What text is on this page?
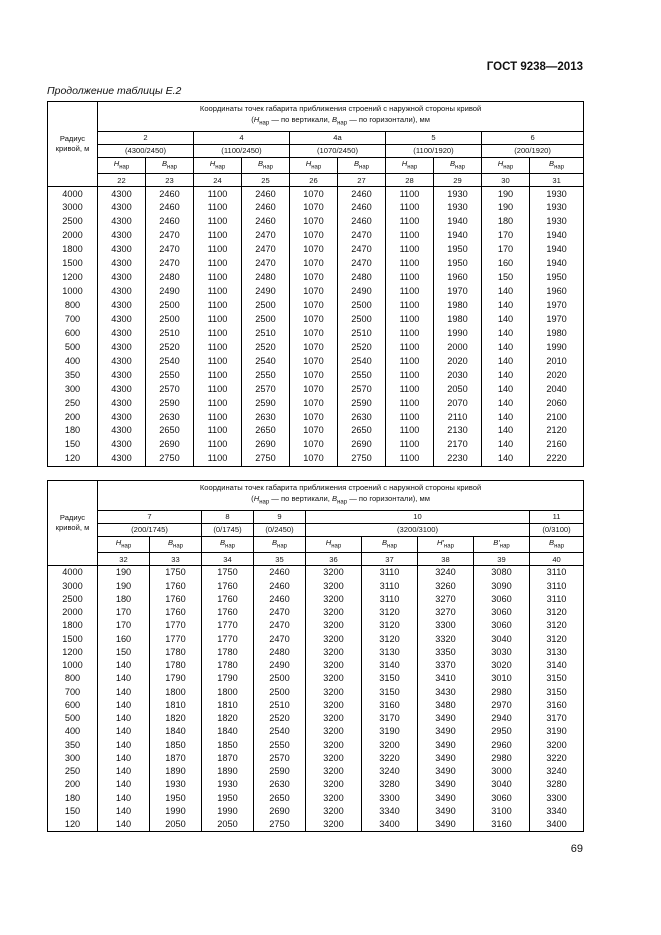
ГОСТ 9238—2013
Продолжение таблицы Е.2
Радиус кривой, м	Координаты точек габарита приближения строений с наружной стороны кривой
($Н_{нар}$ — по вертикали, $В_{нар}$ — по горизонтали), мм									

	2		4		4а		5		6	
	(4300/2450)		(1100/2450)		(1070/2450)		(1100/1920)		(200/1920)	
	$Н_{нар}$	$В_{нар}$	$Н_{нар}$	$В_{нар}$	$Н_{нар}$	$В_{нар}$	$Н_{нар}$	$В_{нар}$	$Н_{нар}$	$В_{нар}$
	22	23	24	25	26	27	28	29	30	31
4000	4300	2460	1100	2460	1070	2460	1100	1930	190	1930
3000	4300	2460	1100	2460	1070	2460	1100	1930	190	1930
2500	4300	2460	1100	2460	1070	2460	1100	1940	180	1930
2000	4300	2470	1100	2470	1070	2470	1100	1940	170	1940
1800	4300	2470	1100	2470	1070	2470	1100	1950	170	1940
1500	4300	2470	1100	2470	1070	2470	1100	1950	160	1940
1200	4300	2480	1100	2480	1070	2480	1100	1960	150	1950
1000	4300	2490	1100	2490	1070	2490	1100	1970	140	1960
800	4300	2500	1100	2500	1070	2500	1100	1980	140	1970
700	4300	2500	1100	2500	1070	2500	1100	1980	140	1970
600	4300	2510	1100	2510	1070	2510	1100	1990	140	1980
500	4300	2520	1100	2520	1070	2520	1100	2000	140	1990
400	4300	2540	1100	2540	1070	2540	1100	2020	140	2010
350	4300	2550	1100	2550	1070	2550	1100	2030	140	2020
300	4300	2570	1100	2570	1070	2570	1100	2050	140	2040
250	4300	2590	1100	2590	1070	2590	1100	2070	140	2060
200	4300	2630	1100	2630	1070	2630	1100	2110	140	2100
180	4300	2650	1100	2650	1070	2650	1100	2130	140	2120
150	4300	2690	1100	2690	1070	2690	1100	2170	140	2160
120	4300	2750	1100	2750	1070	2750	1100	2230	140	2220
Радиус кривой, м	Координаты точек габарита приближения строений с наружной стороны кривой
($Н_{нар}$ — по вертикали, $В_{нар}$ — по горизонтали), мм								

	7		8	9	10				11
	(200/1745)		(0/1745)	(0/2450)	(3200/3100)				(0/3100)
	$Н_{нар}$	$В_{нар}$	$В_{нар}$	$В_{нар}$	$Н_{нар}$	$В_{нар}$	$Н'_{нар}$	$В'_{нар}$	$В_{нар}$
	32	33	34	35	36	37	38	39	40
4000	190	1750	1750	2460	3200	3110	3240	3080	3110
3000	190	1760	1760	2460	3200	3110	3260	3090	3110
2500	180	1760	1760	2460	3200	3110	3270	3060	3110
2000	170	1760	1760	2470	3200	3120	3270	3060	3120
1800	170	1770	1770	2470	3200	3120	3300	3060	3120
1500	160	1770	1770	2470	3200	3120	3320	3040	3120
1200	150	1780	1780	2480	3200	3130	3350	3030	3130
1000	140	1780	1780	2490	3200	3140	3370	3020	3140
800	140	1790	1790	2500	3200	3150	3410	3010	3150
700	140	1800	1800	2500	3200	3150	3430	2980	3150
600	140	1810	1810	2510	3200	3160	3480	2970	3160
500	140	1820	1820	2520	3200	3170	3490	2940	3170
400	140	1840	1840	2540	3200	3190	3490	2950	3190
350	140	1850	1850	2550	3200	3200	3490	2960	3200
300	140	1870	1870	2570	3200	3220	3490	2980	3220
250	140	1890	1890	2590	3200	3240	3490	3000	3240
200	140	1930	1930	2630	3200	3280	3490	3040	3280
180	140	1950	1950	2650	3200	3300	3490	3060	3300
150	140	1990	1990	2690	3200	3340	3490	3100	3340
120	140	2050	2050	2750	3200	3400	3490	3160	3400
69
